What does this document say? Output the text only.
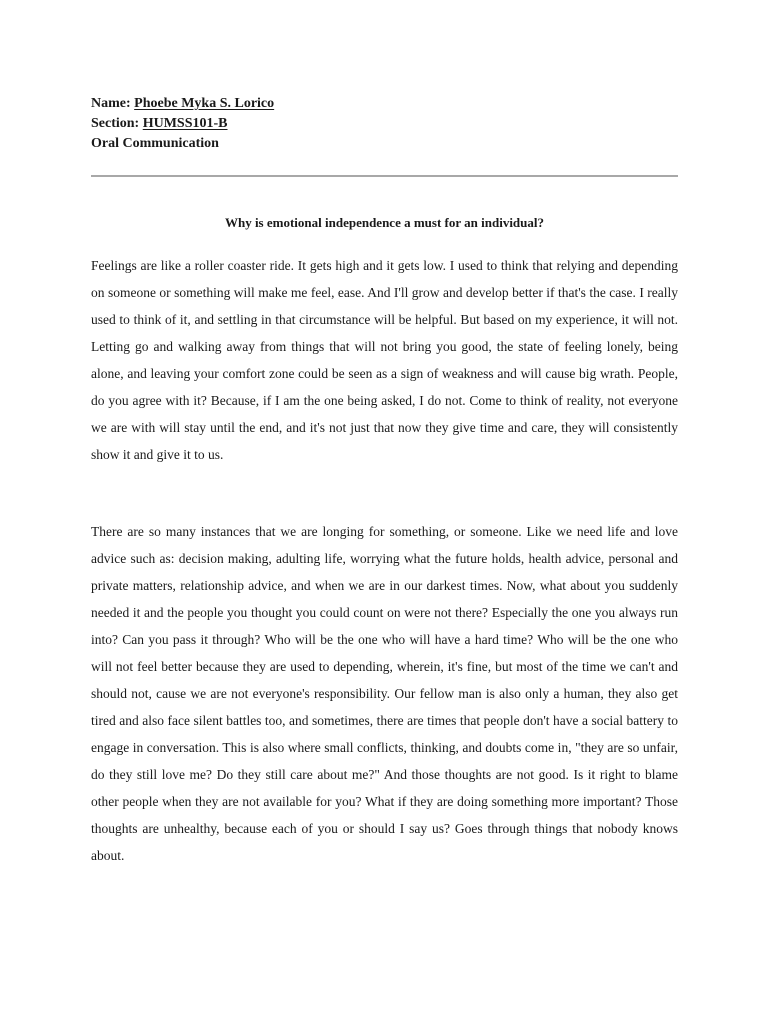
Name: Phoebe Myka S. Lorico
Section: HUMSS101-B
Oral Communication
Why is emotional independence a must for an individual?

Feelings are like a roller coaster ride. It gets high and it gets low. I used to think that relying and depending on someone or something will make me feel, ease. And I'll grow and develop better if that's the case. I really used to think of it, and settling in that circumstance will be helpful. But based on my experience, it will not. Letting go and walking away from things that will not bring you good, the state of feeling lonely, being alone, and leaving your comfort zone could be seen as a sign of weakness and will cause big wrath. People, do you agree with it? Because, if I am the one being asked, I do not. Come to think of reality, not everyone we are with will stay until the end, and it's not just that now they give time and care, they will consistently show it and give it to us.

There are so many instances that we are longing for something, or someone. Like we need life and love advice such as: decision making, adulting life, worrying what the future holds, health advice, personal and private matters, relationship advice, and when we are in our darkest times. Now, what about you suddenly needed it and the people you thought you could count on were not there? Especially the one you always run into? Can you pass it through? Who will be the one who will have a hard time? Who will be the one who will not feel better because they are used to depending, wherein, it's fine, but most of the time we can't and should not, cause we are not everyone's responsibility. Our fellow man is also only a human, they also get tired and also face silent battles too, and sometimes, there are times that people don't have a social battery to engage in conversation. This is also where small conflicts, thinking, and doubts come in, "they are so unfair, do they still love me? Do they still care about me?" And those thoughts are not good. Is it right to blame other people when they are not available for you? What if they are doing something more important? Those thoughts are unhealthy, because each of you or should I say us? Goes through things that nobody knows about.
